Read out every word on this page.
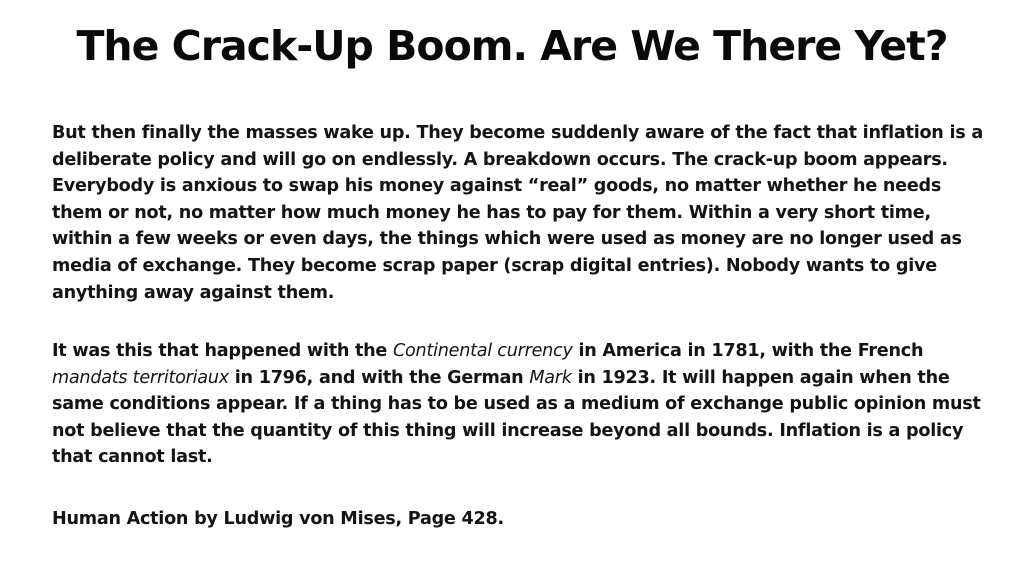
The Crack-Up Boom. Are We There Yet?

But then finally the masses wake up. They become suddenly aware of the fact that inflation is a deliberate policy and will go on endlessly. A breakdown occurs. The crack-up boom appears. Everybody is anxious to swap his money against “real” goods, no matter whether he needs them or not, no matter how much money he has to pay for them. Within a very short time, within a few weeks or even days, the things which were used as money are no longer used as media of exchange. They become scrap paper (scrap digital entries). Nobody wants to give anything away against them.

It was this that happened with the Continental currency in America in 1781, with the French mandats territoriaux in 1796, and with the German Mark in 1923. It will happen again when the same conditions appear. If a thing has to be used as a medium of exchange public opinion must not believe that the quantity of this thing will increase beyond all bounds. Inflation is a policy that cannot last.

Human Action by Ludwig von Mises, Page 428.
